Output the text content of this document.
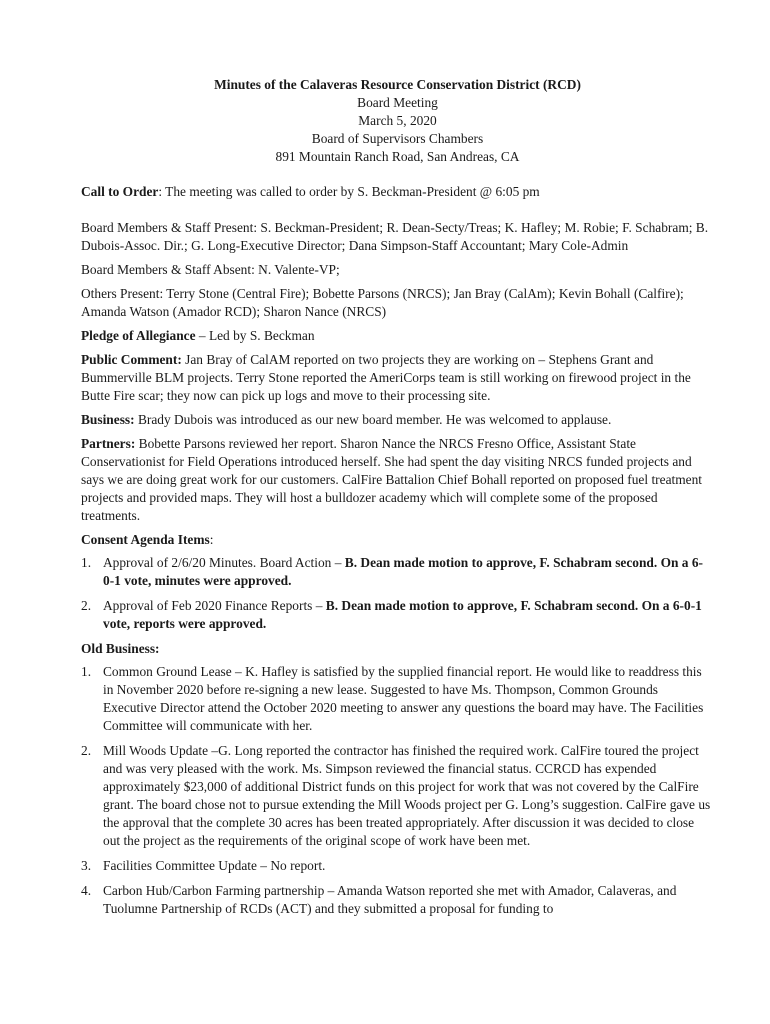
Minutes of the Calaveras Resource Conservation District (RCD)
Board Meeting
March 5, 2020
Board of Supervisors Chambers
891 Mountain Ranch Road, San Andreas, CA

Call to Order: The meeting was called to order by S. Beckman-President @ 6:05 pm

Board Members & Staff Present: S. Beckman-President; R. Dean-Secty/Treas; K. Hafley; M. Robie; F. Schabram; B. Dubois-Assoc. Dir.; G. Long-Executive Director; Dana Simpson-Staff Accountant; Mary Cole-Admin

Board Members & Staff Absent: N. Valente-VP;

Others Present: Terry Stone (Central Fire); Bobette Parsons (NRCS); Jan Bray (CalAm); Kevin Bohall (Calfire); Amanda Watson (Amador RCD); Sharon Nance (NRCS)

Pledge of Allegiance – Led by S. Beckman

Public Comment: Jan Bray of CalAM reported on two projects they are working on – Stephens Grant and Bummerville BLM projects. Terry Stone reported the AmeriCorps team is still working on firewood project in the Butte Fire scar; they now can pick up logs and move to their processing site.

Business: Brady Dubois was introduced as our new board member. He was welcomed to applause.

Partners: Bobette Parsons reviewed her report. Sharon Nance the NRCS Fresno Office, Assistant State Conservationist for Field Operations introduced herself. She had spent the day visiting NRCS funded projects and says we are doing great work for our customers. CalFire Battalion Chief Bohall reported on proposed fuel treatment projects and provided maps. They will host a bulldozer academy which will complete some of the proposed treatments.

Consent Agenda Items:
1. Approval of 2/6/20 Minutes. Board Action – B. Dean made motion to approve, F. Schabram second. On a 6-0-1 vote, minutes were approved.
2. Approval of Feb 2020 Finance Reports – B. Dean made motion to approve, F. Schabram second. On a 6-0-1 vote, reports were approved.
Old Business:
1. Common Ground Lease – K. Hafley is satisfied by the supplied financial report. He would like to readdress this in November 2020 before re-signing a new lease. Suggested to have Ms. Thompson, Common Grounds Executive Director attend the October 2020 meeting to answer any questions the board may have. The Facilities Committee will communicate with her.
2. Mill Woods Update –G. Long reported the contractor has finished the required work. CalFire toured the project and was very pleased with the work. Ms. Simpson reviewed the financial status. CCRCD has expended approximately $23,000 of additional District funds on this project for work that was not covered by the CalFire grant. The board chose not to pursue extending the Mill Woods project per G. Long’s suggestion. CalFire gave us the approval that the complete 30 acres has been treated appropriately. After discussion it was decided to close out the project as the requirements of the original scope of work have been met.
3. Facilities Committee Update – No report.
4. Carbon Hub/Carbon Farming partnership – Amanda Watson reported she met with Amador, Calaveras, and Tuolumne Partnership of RCDs (ACT) and they submitted a proposal for funding to
